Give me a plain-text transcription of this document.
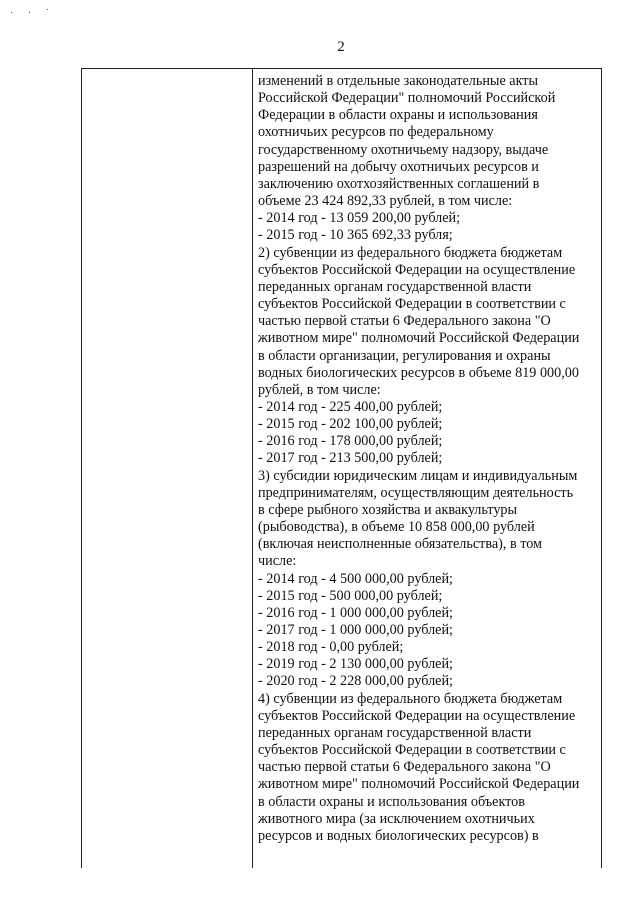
· · ˙
2

изменений в отдельные законодательные акты

Российской Федерации" полномочий Российской

Федерации в области охраны и использования

охотничьих ресурсов по федеральному

государственному охотничьему надзору, выдаче

разрешений на добычу охотничьих ресурсов и

заключению охотхозяйственных соглашений в

объеме 23 424 892,33 рублей, в том числе:

- 2014 год - 13 059 200,00 рублей;

- 2015 год - 10 365 692,33 рубля;

2) субвенции из федерального бюджета бюджетам

субъектов Российской Федерации на осуществление

переданных органам государственной власти

субъектов Российской Федерации в соответствии с

частью первой статьи 6 Федерального закона "О

животном мире" полномочий Российской Федерации

в области организации, регулирования и охраны

водных биологических ресурсов в объеме 819 000,00

рублей, в том числе:

- 2014 год - 225 400,00 рублей;

- 2015 год - 202 100,00 рублей;

- 2016 год - 178 000,00 рублей;

- 2017 год - 213 500,00 рублей;

3) субсидии юридическим лицам и индивидуальным

предпринимателям, осуществляющим деятельность

в сфере рыбного хозяйства и аквакультуры

(рыбоводства), в объеме 10 858 000,00 рублей

(включая неисполненные обязательства), в том

числе:

- 2014 год - 4 500 000,00 рублей;

- 2015 год - 500 000,00 рублей;

- 2016 год - 1 000 000,00 рублей;

- 2017 год - 1 000 000,00 рублей;

- 2018 год - 0,00 рублей;

- 2019 год - 2 130 000,00 рублей;

- 2020 год - 2 228 000,00 рублей;

4) субвенции из федерального бюджета бюджетам

субъектов Российской Федерации на осуществление

переданных органам государственной власти

субъектов Российской Федерации в соответствии с

частью первой статьи 6 Федерального закона "О

животном мире" полномочий Российской Федерации

в области охраны и использования объектов

животного мира (за исключением охотничьих

ресурсов и водных биологических ресурсов) в
